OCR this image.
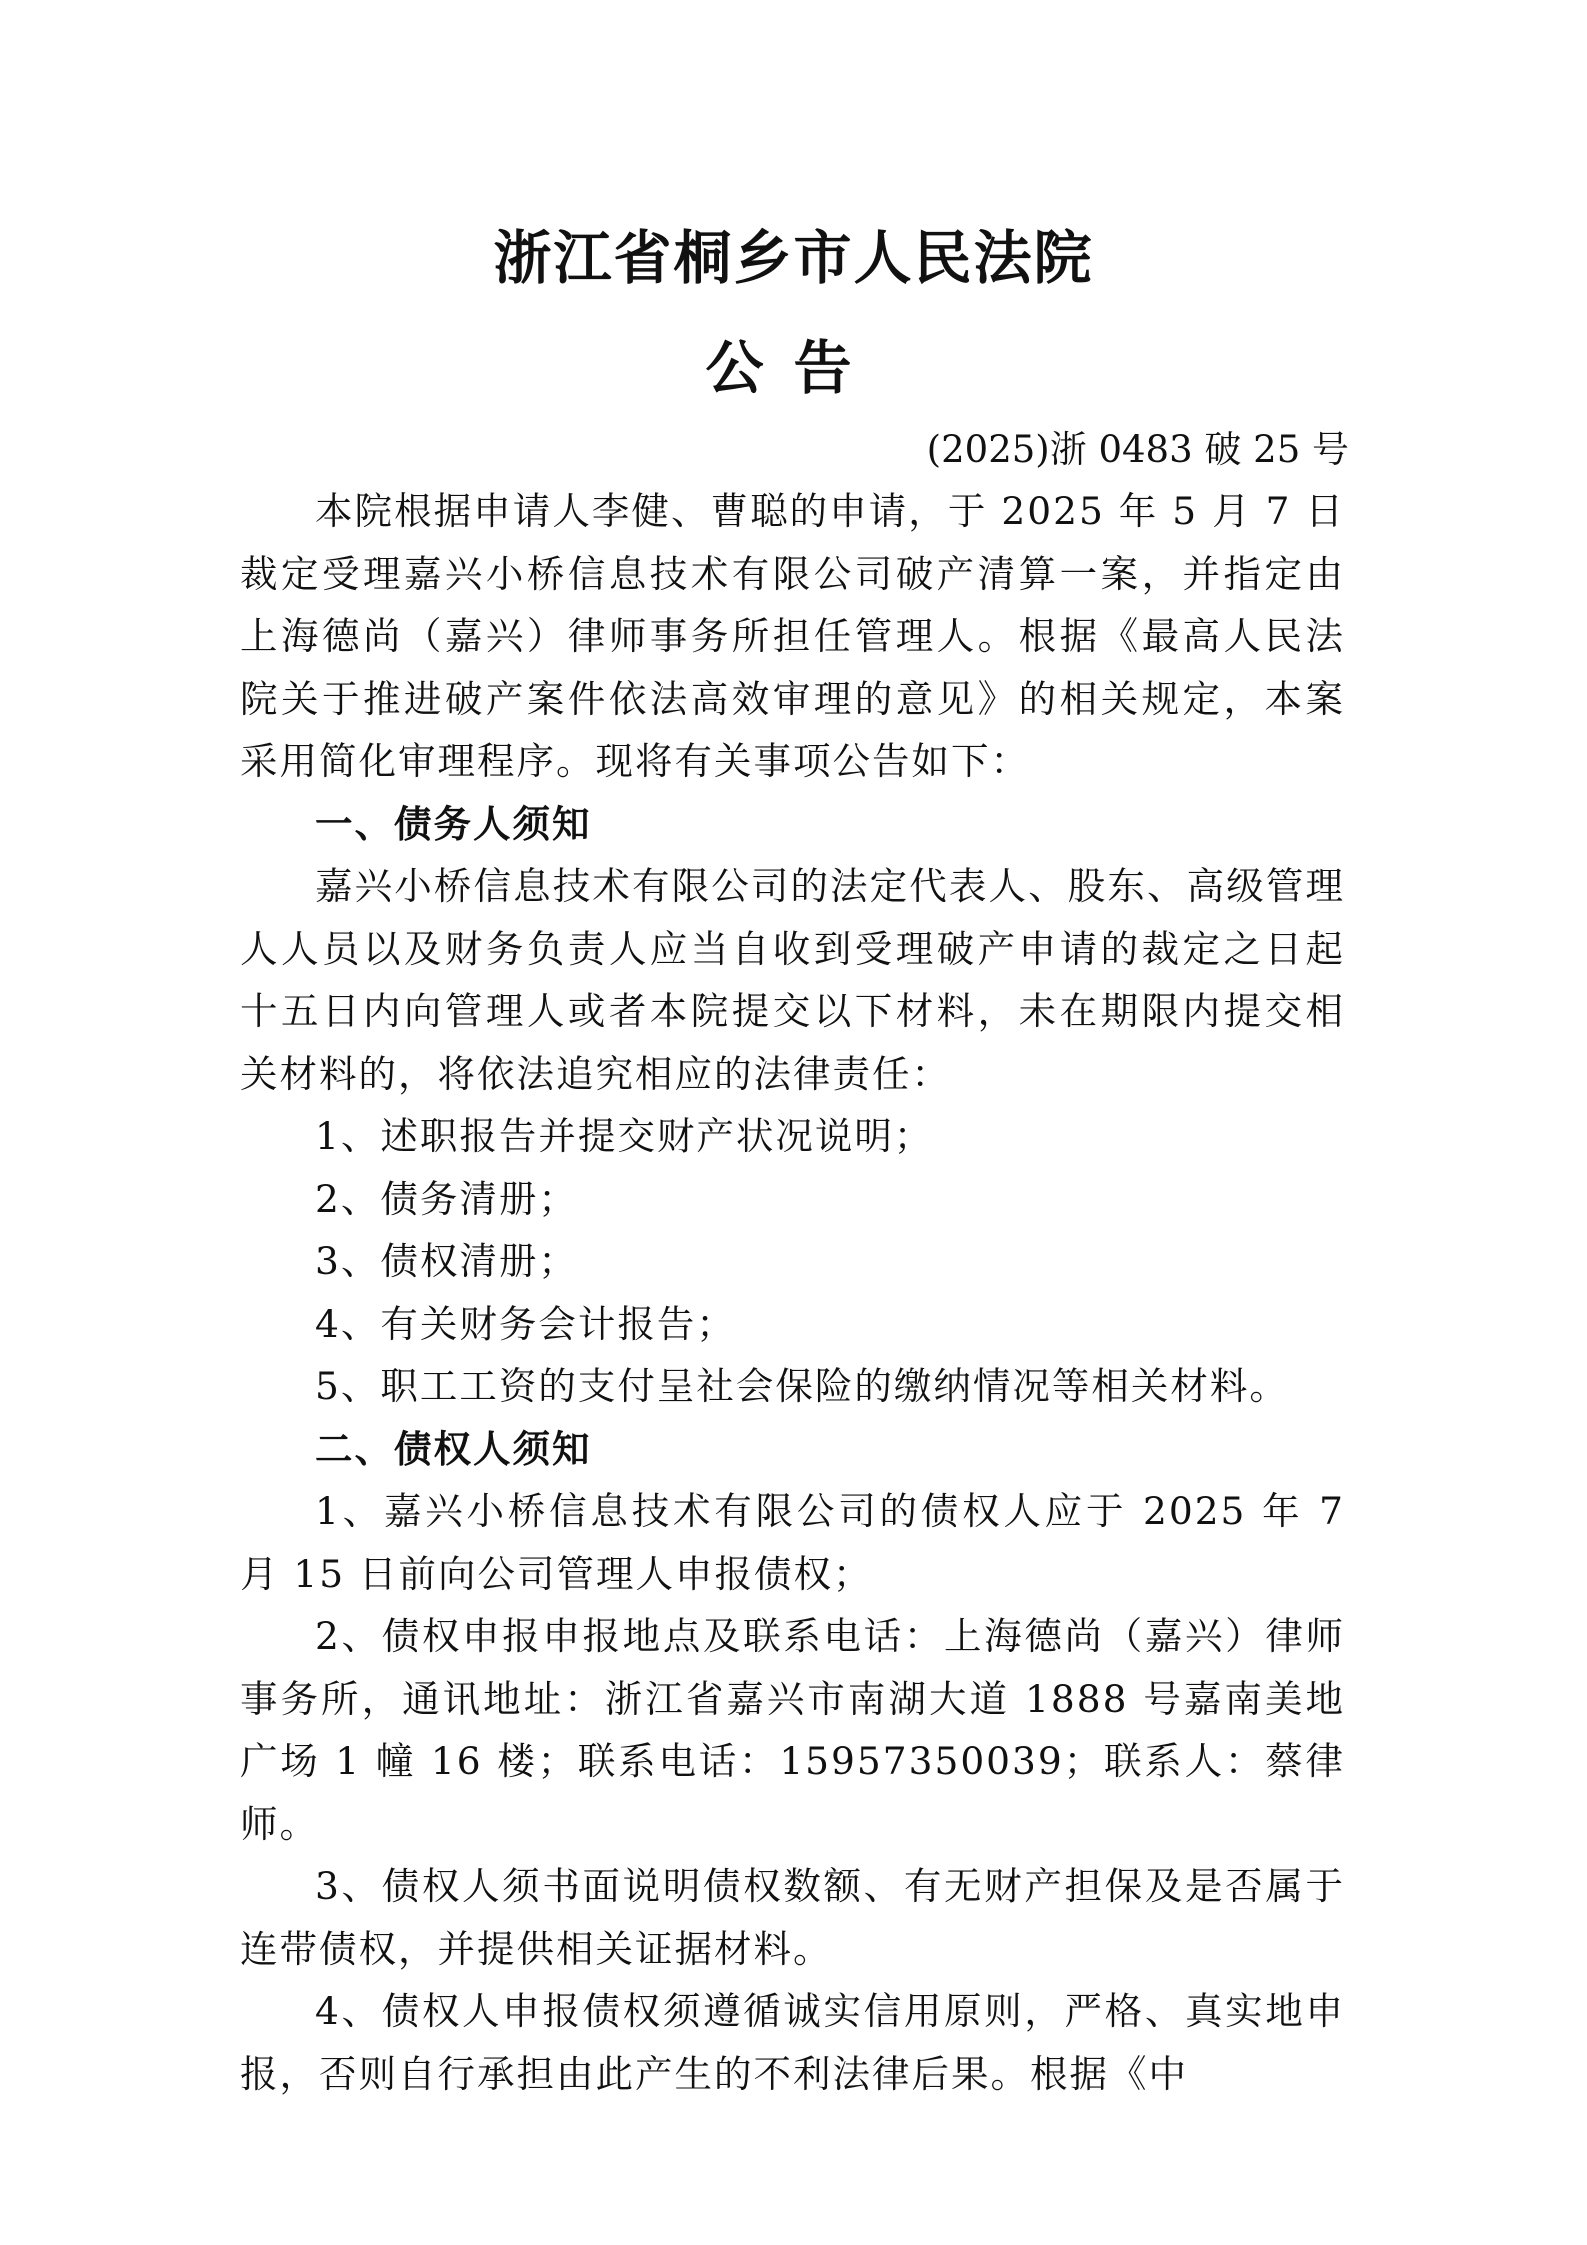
浙江省桐乡市人民法院
公告
(2025)浙 0483 破 25 号

本院根据申请人李健、曹聪的申请，于 2025 年 5 月 7 日裁定受理嘉兴小桥信息技术有限公司破产清算一案，并指定由上海德尚（嘉兴）律师事务所担任管理人。根据《最高人民法院关于推进破产案件依法高效审理的意见》的相关规定，本案采用简化审理程序。现将有关事项公告如下：

一、债务人须知

嘉兴小桥信息技术有限公司的法定代表人、股东、高级管理人人员以及财务负责人应当自收到受理破产申请的裁定之日起十五日内向管理人或者本院提交以下材料，未在期限内提交相关材料的，将依法追究相应的法律责任：

1、述职报告并提交财产状况说明；

2、债务清册；

3、债权清册；

4、有关财务会计报告；

5、职工工资的支付呈社会保险的缴纳情况等相关材料。

二、债权人须知

1、嘉兴小桥信息技术有限公司的债权人应于 2025 年 7 月 15 日前向公司管理人申报债权；

2、债权申报申报地点及联系电话：上海德尚（嘉兴）律师事务所，通讯地址：浙江省嘉兴市南湖大道 1888 号嘉南美地广场 1 幢 16 楼；联系电话：15957350039；联系人：蔡律师。

3、债权人须书面说明债权数额、有无财产担保及是否属于连带债权，并提供相关证据材料。

4、债权人申报债权须遵循诚实信用原则，严格、真实地申报，否则自行承担由此产生的不利法律后果。根据《中
